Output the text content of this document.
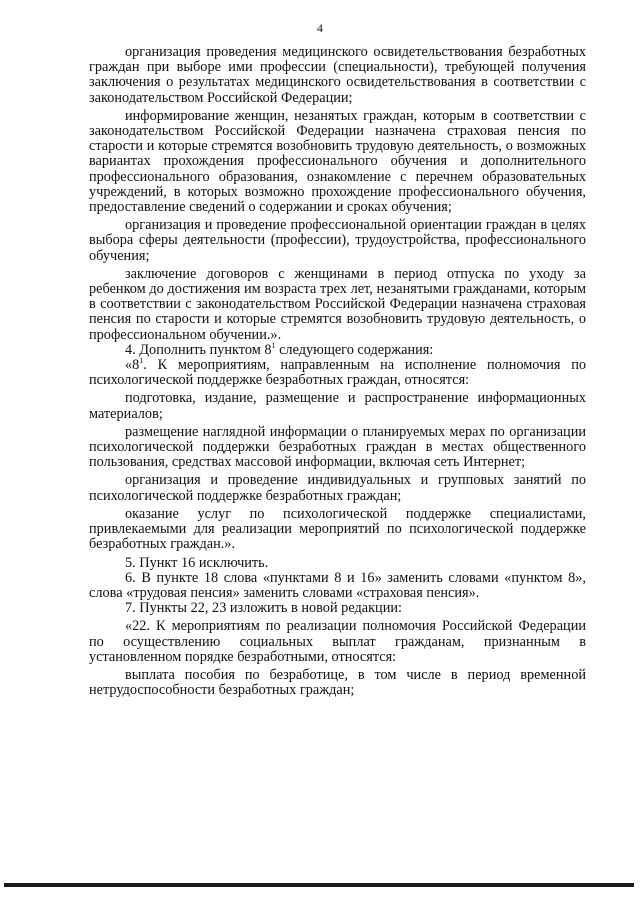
4

организация проведения медицинского освидетельствования безработных граждан при выборе ими профессии (специальности), требующей получения заключения о результатах медицинского освидетельствования в соответствии с законодательством Российской Федерации;

информирование женщин, незанятых граждан, которым в соответствии с законодательством Российской Федерации назначена страховая пенсия по старости и которые стремятся возобновить трудовую деятельность, о возможных вариантах прохождения профессионального обучения и дополнительного профессионального образования, ознакомление с перечнем образовательных учреждений, в которых возможно прохождение профессионального обучения, предоставление сведений о содержании и сроках обучения;

организация и проведение профессиональной ориентации граждан в целях выбора сферы деятельности (профессии), трудоустройства, профессионального обучения;

заключение договоров с женщинами в период отпуска по уходу за ребенком до достижения им возраста трех лет, незанятыми гражданами, которым в соответствии с законодательством Российской Федерации назначена страховая пенсия по старости и которые стремятся возобновить трудовую деятельность, о профессиональном обучении.».

4. Дополнить пунктом $8^1$ следующего содержания:

«$8^1$. К мероприятиям, направленным на исполнение полномочия по психологической поддержке безработных граждан, относятся:

подготовка, издание, размещение и распространение информационных материалов;

размещение наглядной информации о планируемых мерах по организации психологической поддержки безработных граждан в местах общественного пользования, средствах массовой информации, включая сеть Интернет;

организация и проведение индивидуальных и групповых занятий по психологической поддержке безработных граждан;

оказание услуг по психологической поддержке специалистами, привлекаемыми для реализации мероприятий по психологической поддержке безработных граждан.».

5. Пункт 16 исключить.

6. В пункте 18 слова «пунктами 8 и 16» заменить словами «пунктом 8», слова «трудовая пенсия» заменить словами «страховая пенсия».

7. Пункты 22, 23 изложить в новой редакции:

«22. К мероприятиям по реализации полномочия Российской Федерации по осуществлению социальных выплат гражданам, признанным в установленном порядке безработными, относятся:

выплата пособия по безработице, в том числе в период временной нетрудоспособности безработных граждан;
